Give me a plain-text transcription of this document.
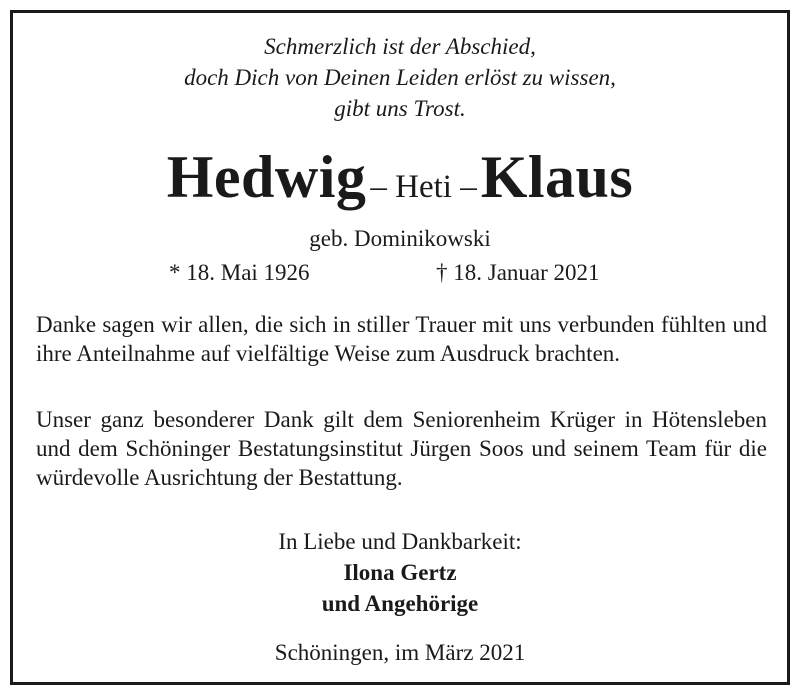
Schmerzlich ist der Abschied,
doch Dich von Deinen Leiden erlöst zu wissen,
gibt uns Trost.
Hedwig – Heti – Klaus
geb. Dominikowski
* 18. Mai 1926	† 18. Januar 2021
Danke sagen wir allen, die sich in stiller Trauer mit uns verbunden fühlten und ihre Anteilnahme auf vielfältige Weise zum Ausdruck brachten.
Unser ganz besonderer Dank gilt dem Seniorenheim Krüger in Hötensleben und dem Schöninger Bestatungsinstitut Jürgen Soos und seinem Team für die würdevolle Ausrichtung der Bestattung.
In Liebe und Dankbarkeit:
Ilona Gertz
und Angehörige
Schöningen, im März 2021
